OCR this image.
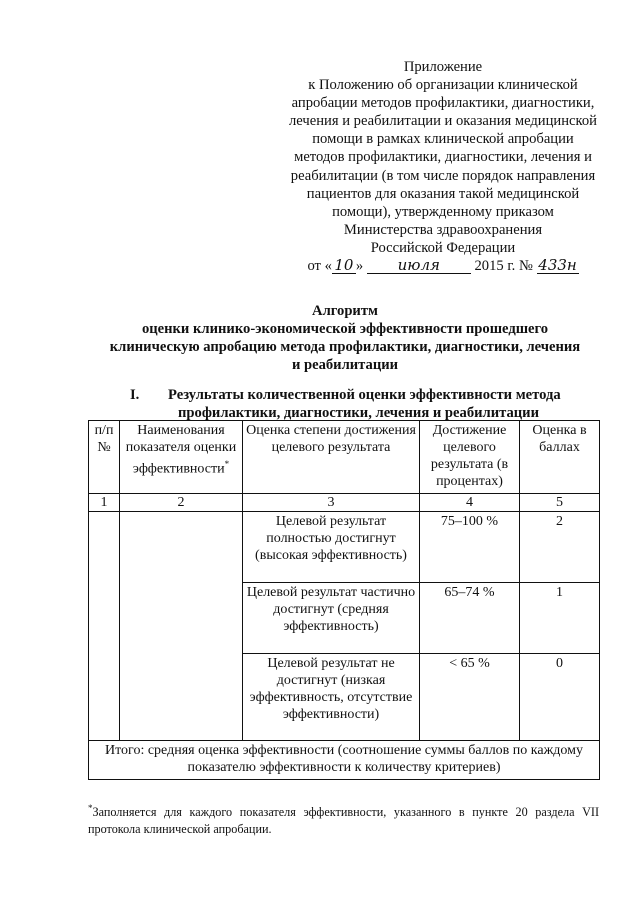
Приложение
к Положению об организации клинической
апробации методов профилактики, диагностики,
лечения и реабилитации и оказания медицинской
помощи в рамках клинической апробации
методов профилактики, диагностики, лечения и
реабилитации (в том числе порядок направления
пациентов для оказания такой медицинской
помощи), утвержденному приказом
Министерства здравоохранения
Российской Федерации
от « 10 » июля 2015 г. № 433н
Алгоритм
оценки клинико-экономической эффективности прошедшего
клиническую апробацию метода профилактики, диагностики, лечения
и реабилитации
I. Результаты количественной оценки эффективности метода
профилактики, диагностики, лечения и реабилитации
п/п №	Наименования показателя оценки эффективности*	Оценка степени достижения целевого результата	Достижение целевого результата (в процентах)	Оценка в баллах
1	2	3	4	5
		Целевой результат полностью достигнут (высокая эффективность)	75–100 %	2
		Целевой результат частично достигнут (средняя эффективность)	65–74 %	1
		Целевой результат не достигнут (низкая эффективность, отсутствие эффективности)	< 65 %	0
Итого: средняя оценка эффективности (соотношение суммы баллов по каждому показателю эффективности к количеству критериев)				
*Заполняется для каждого показателя эффективности, указанного в пункте 20 раздела VII протокола клинической апробации.
